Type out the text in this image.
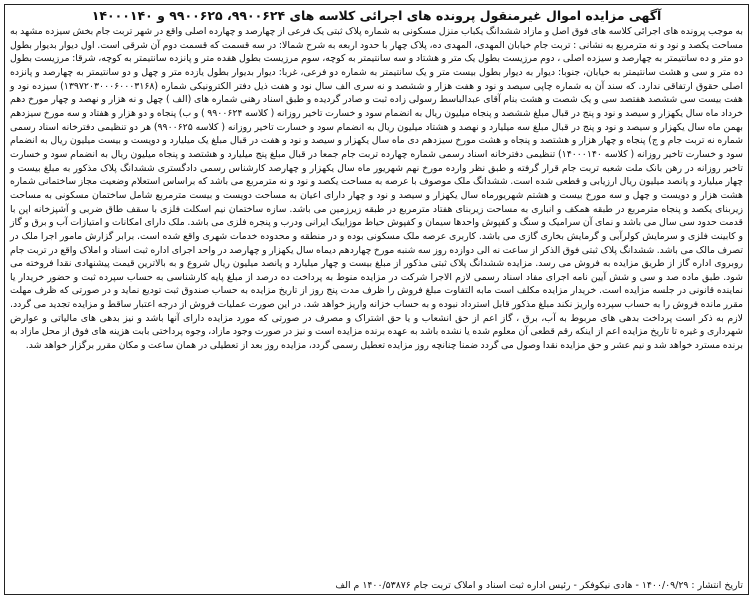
آگهی مزایده اموال غیرمنقول پرونده های اجرائی کلاسه های ۹۹۰۰۶۲۴، ۹۹۰۰۶۲۵ و ۱۴۰۰۰۱۴۰
به موجب پرونده های اجرائی کلاسه های فوق اصل و مازاد ششدانگ یکباب منزل مسکونی به شماره پلاک ثبتی یک فرعی از چهارصد و چهارده اصلی واقع در شهر تربت جام بخش سیزده مشهد به مساحت یکصد و نود و نه مترمربع به نشانی : تربت جام خیابان المهدی، المهدی ده، پلاک چهار با حدود اربعه به شرح شمالا: در سه قسمت که قسمت دوم آن شرقی است. اول دیوار بدیوار بطول دو متر و ده سانتیمتر به چهارصد و سیزده اصلی ، دوم مرزیست بطول یک متر و هشتاد و سه سانتیمتر به کوچه، سوم مرزیست بطول هفده متر و پانزده سانتیمتر به کوچه، شرقا: مرزیست بطول ده متر و سی و هشت سانتیمتر به خیابان، جنوبا: دیوار به دیوار بطول بیست متر و یک سانتیمتر به شماره دو فرعی، غربا: دیوار بدیوار بطول یازده متر و چهل و دو سانتیمتر به چهارصد و پانزده اصلی حقوق ارتفاقی ندارد. که سند آن به شماره چاپی سیصد و نود و هفت هزار و ششصد و نه سری الف سال نود و هفت ذیل دفتر الکترونیکی شماره (۱۳۹۷۲۰۳۰۰۰۶۰۰۰۳۱۶۸) سیزده نود و هفت بیست سی ششصد هفتصد سی و یک شصت و هشت بنام آقای عبدالباسط رسولی زاده ثبت و صادر گردیده و طبق اسناد رهنی شماره های (الف ) چهل و نه هزار و نهصد و چهار مورخ دهم خرداد ماه سال یکهزار و سیصد و نود و پنج در قبال مبلغ ششصد و پنجاه میلیون ریال به انضمام سود و خسارت تاخیر روزانه ( کلاسه ۹۹۰۰۶۲۴ ) و ب) پنجاه و دو هزار و هفتاد و سه مورخ سیزدهم بهمن ماه سال یکهزار و سیصد و نود و پنج در قبال مبلغ سه میلیارد و نهصد و هشتاد میلیون ریال به انضمام سود و خسارت تاخیر روزانه ( کلاسه ۹۹۰۰۶۲۵) هر دو تنظیمی دفترخانه اسناد رسمی شماره نه تربت جام و ج) پنجاه و چهار هزار و هشتصد و پنجاه و هشت مورخ سیزدهم دی ماه سال یکهزار و سیصد و نود و هفت در قبال مبلغ یک میلیارد و دویست و بیست میلیون ریال به انضمام سود و خسارت تاخیر روزانه ( کلاسه ۱۴۰۰۰۱۴۰) تنظیمی دفترخانه اسناد رسمی شماره چهارده تربت جام جمعا در قبال مبلغ پنج میلیارد و هشتصد و پنجاه میلیون ریال به انضمام سود و خسارت تاخیر روزانه در رهن بانک ملت شعبه تربت جام قرار گرفته و طبق نظر وارده مورخ نهم شهریور ماه سال یکهزار و چهارصد کارشناس رسمی دادگستری ششدانگ پلاک مذکور به مبلغ بیست و چهار میلیارد و پانصد میلیون ریال ارزیابی و قطعی شده است. ششدانگ ملک موصوف با عرصه به مساحت یکصد و نود و نه مترمربع می باشد که براساس استعلام وضعیت مجاز ساختمانی شماره هشت هزار و دویست و چهل و سه مورخ بیست و هشتم شهریورماه سال یکهزار و سیصد و نود و چهار دارای اعیان به مساحت دویست و بیست مترمربع شامل ساختمان مسکونی به مساحت زیربنای یکصد و پنجاه مترمربع در طبقه همکف و انباری به مساحت زیربنای هفتاد مترمربع در طبقه زیرزمین می باشد. سازه ساختمان نیم اسکلت فلزی با سقف طاق ضربی و آشپزخانه اپن با قدمت حدود سی سال می باشد و نمای آن سرامیک و سنگ و کفپوش واحدها سیمان و کفپوش حیاط موزاییک ایرانی ودرب و پنجره فلزی می باشد. ملک دارای امکانات و امتیازات آب و برق و گاز و کابینت فلزی و سرمایش کولرآبی و گرمایش بخاری گازی می باشد. کاربری عرصه ملک مسکونی بوده و در منطقه و محدوده خدمات شهری واقع شده است. برابر گزارش مامور اجرا ملک در تصرف مالک می باشد. ششدانگ پلاک ثبتی فوق الذکر از ساعت نه الی دوازده روز سه شنبه مورخ چهاردهم دیماه سال یکهزار و چهارصد در واحد اجرای اداره ثبت اسناد و املاک واقع در تربت جام روبروی اداره گاز از طریق مزایده به فروش می رسد. مزایده ششدانگ پلاک ثبتی مذکور از مبلغ بیست و چهار میلیارد و پانصد میلیون ریال شروع و به بالاترین قیمت پیشنهادی نقدا فروخته می شود. طبق ماده صد و سی و شش آیین نامه اجرای مفاد اسناد رسمی لازم الاجرا شرکت در مزایده منوط به پرداخت ده درصد از مبلغ پایه کارشناسی به حساب سپرده ثبت و حضور خریدار یا نماینده قانونی در جلسه مزایده است. خریدار مزایده مکلف است مابه التفاوت مبلغ فروش را ظرف مدت پنج روز از تاریخ مزایده به حساب صندوق ثبت تودیع نماید و در صورتی که ظرف مهلت مقرر مانده فروش را به حساب سپرده واریز نکند مبلغ مذکور قابل استرداد نبوده و به حساب خزانه واریز خواهد شد. در این صورت عملیات فروش از درجه اعتبار ساقط و مزایده تجدید می گردد. لازم به ذکر است پرداخت بدهی های مربوط به آب، برق ، گاز اعم از حق انشعاب و یا حق اشتراک و مصرف در صورتی که مورد مزایده دارای آنها باشد و نیز بدهی های مالیاتی و عوارض شهرداری و غیره تا تاریخ مزایده اعم از اینکه رقم قطعی آن معلوم شده یا نشده باشد به عهده برنده مزایده است و نیز در صورت وجود مازاد، وجوه پرداختی بابت هزینه های فوق از محل مازاد به برنده مسترد خواهد شد و نیم عشر و حق مزایده نقدا وصول می گردد ضمنا چنانچه روز مزایده تعطیل رسمی گردد، مزایده روز بعد از تعطیلی در همان ساعت و مکان مقرر برگزار خواهد شد.
تاریخ انتشار : ۱۴۰۰/۰۹/۲۹ - هادی نیکوفکر - رئیس اداره ثبت اسناد و املاک تربت جام ۱۴۰۰/۵۳۸۷۶ م الف
